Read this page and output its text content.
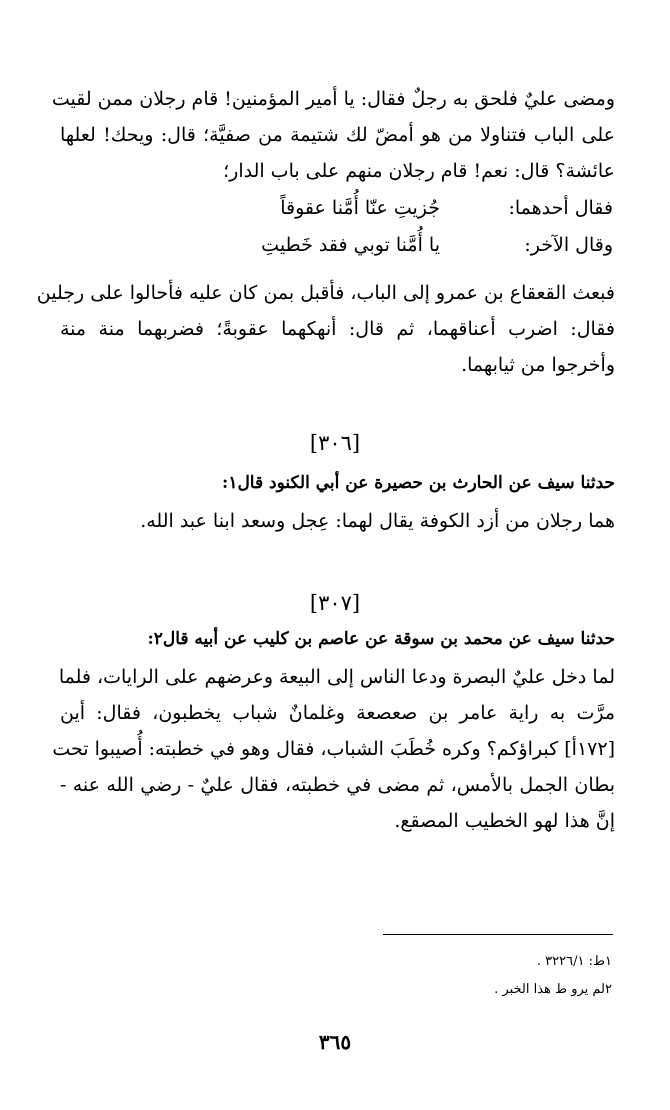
ومضى عليٌ فلحق به رجلٌ فقال: يا أمير المؤمنين! قام رجلان ممن لقيت
على الباب فتناولا من هو أمضّ لك شتيمة من صفيَّة؛ قال: ويحك! لعلها
عائشة؟ قال: نعم! قام رجلان منهم على باب الدار؛
فقال أحدهما:
جُزيتِ عنّا أُمَّنا عقوقاً
وقال الآخر:
يا أُمَّنا توبي فقد خَطيتِ
فبعث القعقاع بن عمرو إلى الباب، فأقبل بمن كان عليه فأحالوا على رجلين
فقال: اضرب أعناقهما، ثم قال: أنهكهما عقوبةً؛ فضربهما منة منة
وأخرجوا من ثيابهما.
[٣٠٦]
حدثنا سيف عن الحارث بن حصيرة عن أبي الكنود قال١:
هما رجلان من أزد الكوفة يقال لهما: عِجل وسعد ابنا عبد الله.
[٣٠٧]
حدثنا سيف عن محمد بن سوقة عن عاصم بن كليب عن أبيه قال٢:
لما دخل عليٌ البصرة ودعا الناس إلى البيعة وعرضهم على الرايات، فلما
مرَّت به راية عامر بن صعصعة وغلمانٌ شباب يخطبون، فقال: أين
[١٧٢أ] كبراؤكم؟ وكره خُطَبَ الشباب، فقال وهو في خطبته: أُصيبوا تحت
بطان الجمل بالأمس، ثم مضى في خطبته، فقال عليٌ - رضي الله عنه -
إنَّ هذا لهو الخطيب المصقع.
١ط: ٣٢٢٦/١ .
٢لم يرو ط هذا الخبر .
٣٦٥
